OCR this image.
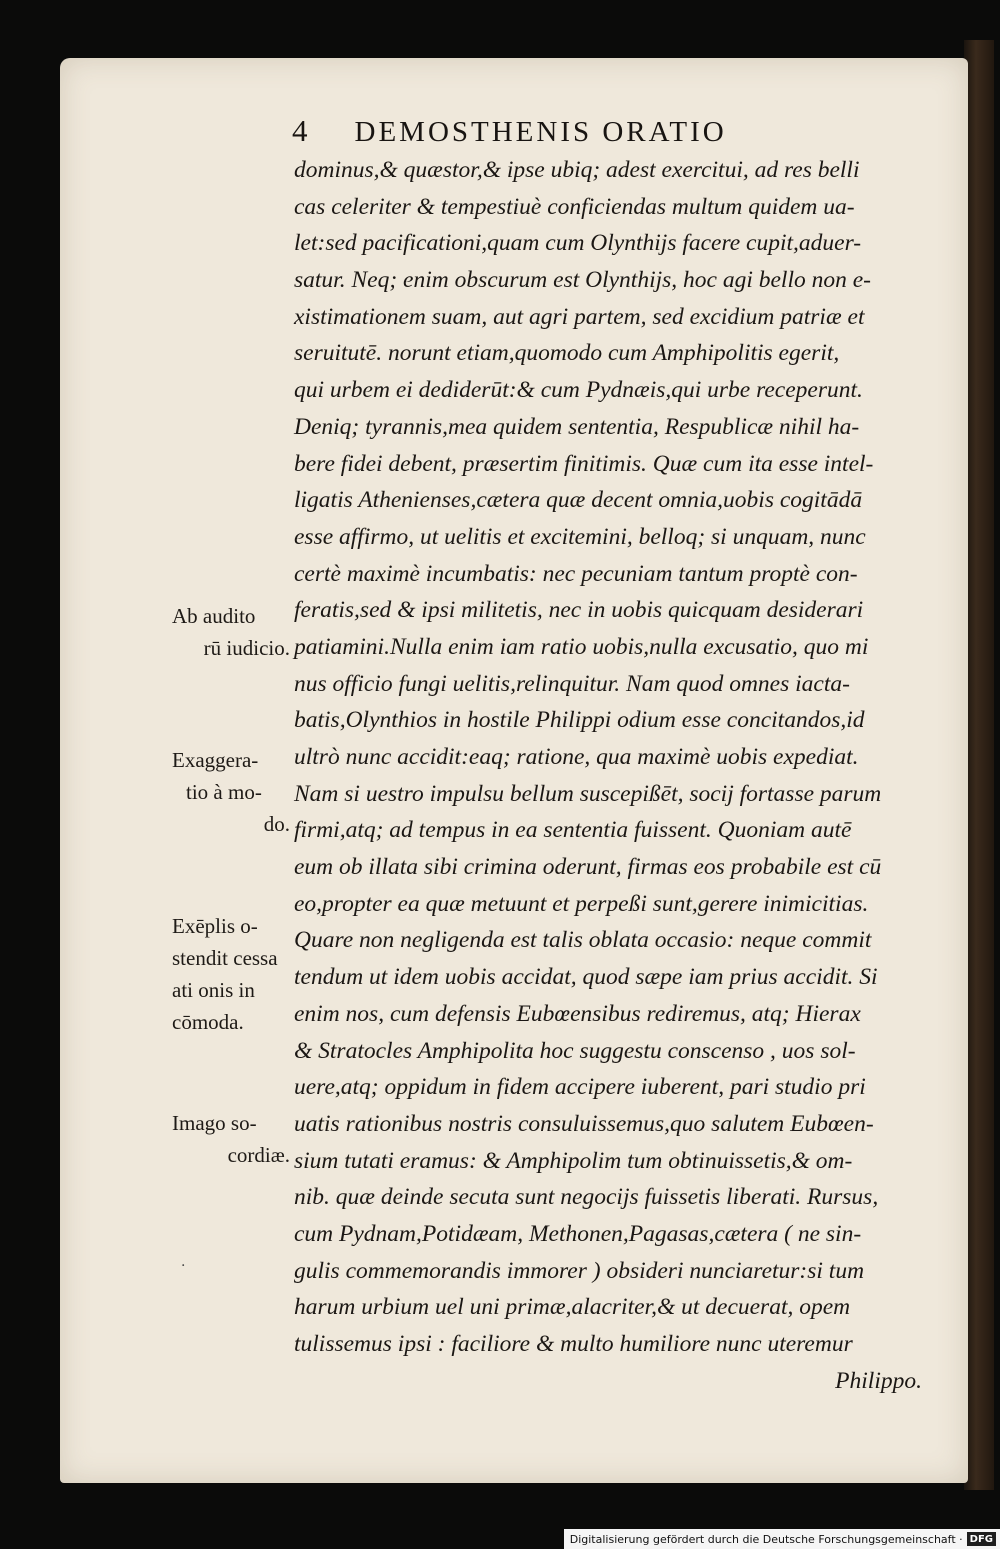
4 DEMOSTHENIS ORATIO
dominus,& quæstor,& ipse ubiq; adest exercitui, ad res belli
cas celeriter & tempestiuè conficiendas multum quidem ua-
let:sed pacificationi,quam cum Olynthijs facere cupit,aduer-
satur. Neq; enim obscurum est Olynthijs, hoc agi bello non e-
xistimationem suam, aut agri partem, sed excidium patriæ et
seruitutē. norunt etiam,quomodo cum Amphipolitis egerit,
qui urbem ei dediderūt:& cum Pydnæis,qui urbe receperunt.
Deniq; tyrannis,mea quidem sententia, Respublicæ nihil ha-
bere fidei debent, præsertim finitimis. Quæ cum ita esse intel-
ligatis Athenienses,cætera quæ decent omnia,uobis cogitādā
esse affirmo, ut uelitis et excitemini, belloq; si unquam, nunc
certè maximè incumbatis: nec pecuniam tantum proptè con-
feratis,sed & ipsi militetis, nec in uobis quicquam desiderari
patiamini.Nulla enim iam ratio uobis,nulla excusatio, quo mi
nus officio fungi uelitis,relinquitur. Nam quod omnes iacta-
batis,Olynthios in hostile Philippi odium esse concitandos,id
ultrò nunc accidit:eaq; ratione, qua maximè uobis expediat.
Nam si uestro impulsu bellum suscepißēt, socij fortasse parum
firmi,atq; ad tempus in ea sententia fuissent. Quoniam autē
eum ob illata sibi crimina oderunt, firmas eos probabile est cū
eo,propter ea quæ metuunt et perpeßi sunt,gerere inimicitias.
Quare non negligenda est talis oblata occasio: neque commit
tendum ut idem uobis accidat, quod sæpe iam prius accidit. Si
enim nos, cum defensis Eubœensibus rediremus, atq; Hierax
& Stratocles Amphipolita hoc suggestu conscenso , uos sol-
uere,atq; oppidum in fidem accipere iuberent, pari studio pri
uatis rationibus nostris consuluissemus,quo salutem Eubœen-
sium tutati eramus: & Amphipolim tum obtinuissetis,& om-
nib. quæ deinde secuta sunt negocijs fuissetis liberati. Rursus,
cum Pydnam,Potidæam, Methonen,Pagasas,cætera ( ne sin-
gulis commemorandis immorer ) obsideri nunciaretur:si tum
harum urbium uel uni primæ,alacriter,& ut decuerat, opem
tulissemus ipsi : faciliore & multo humiliore nunc uteremur
Philippo.
Ab audito
rū iudicio.
Exaggera-
tio à mo-
do.
Exēplis o-
stendit cessa
ati onis in
cōmoda.
Imago so-
cordiæ.
·
Digitalisierung gefördert durch die Deutsche Forschungsgemeinschaft · DFG
